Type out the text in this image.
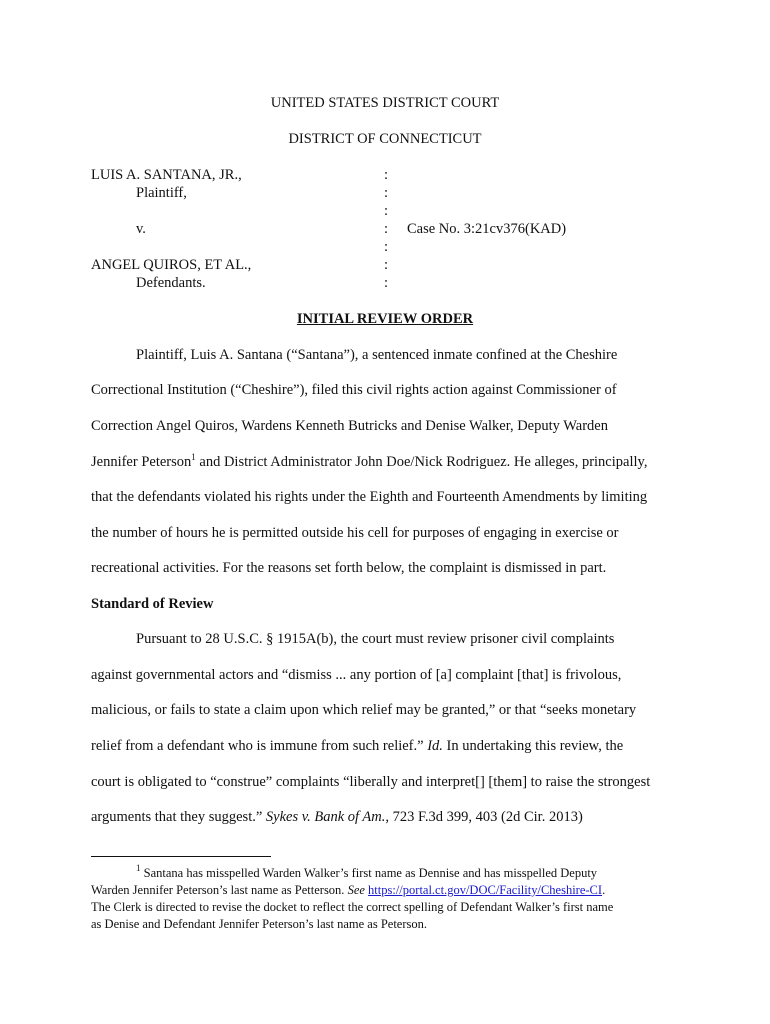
UNITED STATES DISTRICT COURT
DISTRICT OF CONNECTICUT
LUIS A. SANTANA, JR.,
Plaintiff,
v.
ANGEL QUIROS, ET AL.,
Defendants.
:
:
:
:
:
:
:
Case No. 3:21cv376(KAD)
INITIAL REVIEW ORDER
Plaintiff, Luis A. Santana (“Santana”), a sentenced inmate confined at the Cheshire
Correctional Institution (“Cheshire”), filed this civil rights action against Commissioner of
Correction Angel Quiros, Wardens Kenneth Butricks and Denise Walker, Deputy Warden
Jennifer Peterson$^1$ and District Administrator John Doe/Nick Rodriguez. He alleges, principally,
that the defendants violated his rights under the Eighth and Fourteenth Amendments by limiting
the number of hours he is permitted outside his cell for purposes of engaging in exercise or
recreational activities. For the reasons set forth below, the complaint is dismissed in part.
Standard of Review
Pursuant to 28 U.S.C. § 1915A(b), the court must review prisoner civil complaints
against governmental actors and “dismiss ... any portion of [a] complaint [that] is frivolous,
malicious, or fails to state a claim upon which relief may be granted,” or that “seeks monetary
relief from a defendant who is immune from such relief.” Id. In undertaking this review, the
court is obligated to “construe” complaints “liberally and interpret[] [them] to raise the strongest
arguments that they suggest.” Sykes v. Bank of Am., 723 F.3d 399, 403 (2d Cir. 2013)
$^1$ Santana has misspelled Warden Walker’s first name as Dennise and has misspelled Deputy
Warden Jennifer Peterson’s last name as Petterson. See https://portal.ct.gov/DOC/Facility/Cheshire-CI.
The Clerk is directed to revise the docket to reflect the correct spelling of Defendant Walker’s first name
as Denise and Defendant Jennifer Peterson’s last name as Peterson.
